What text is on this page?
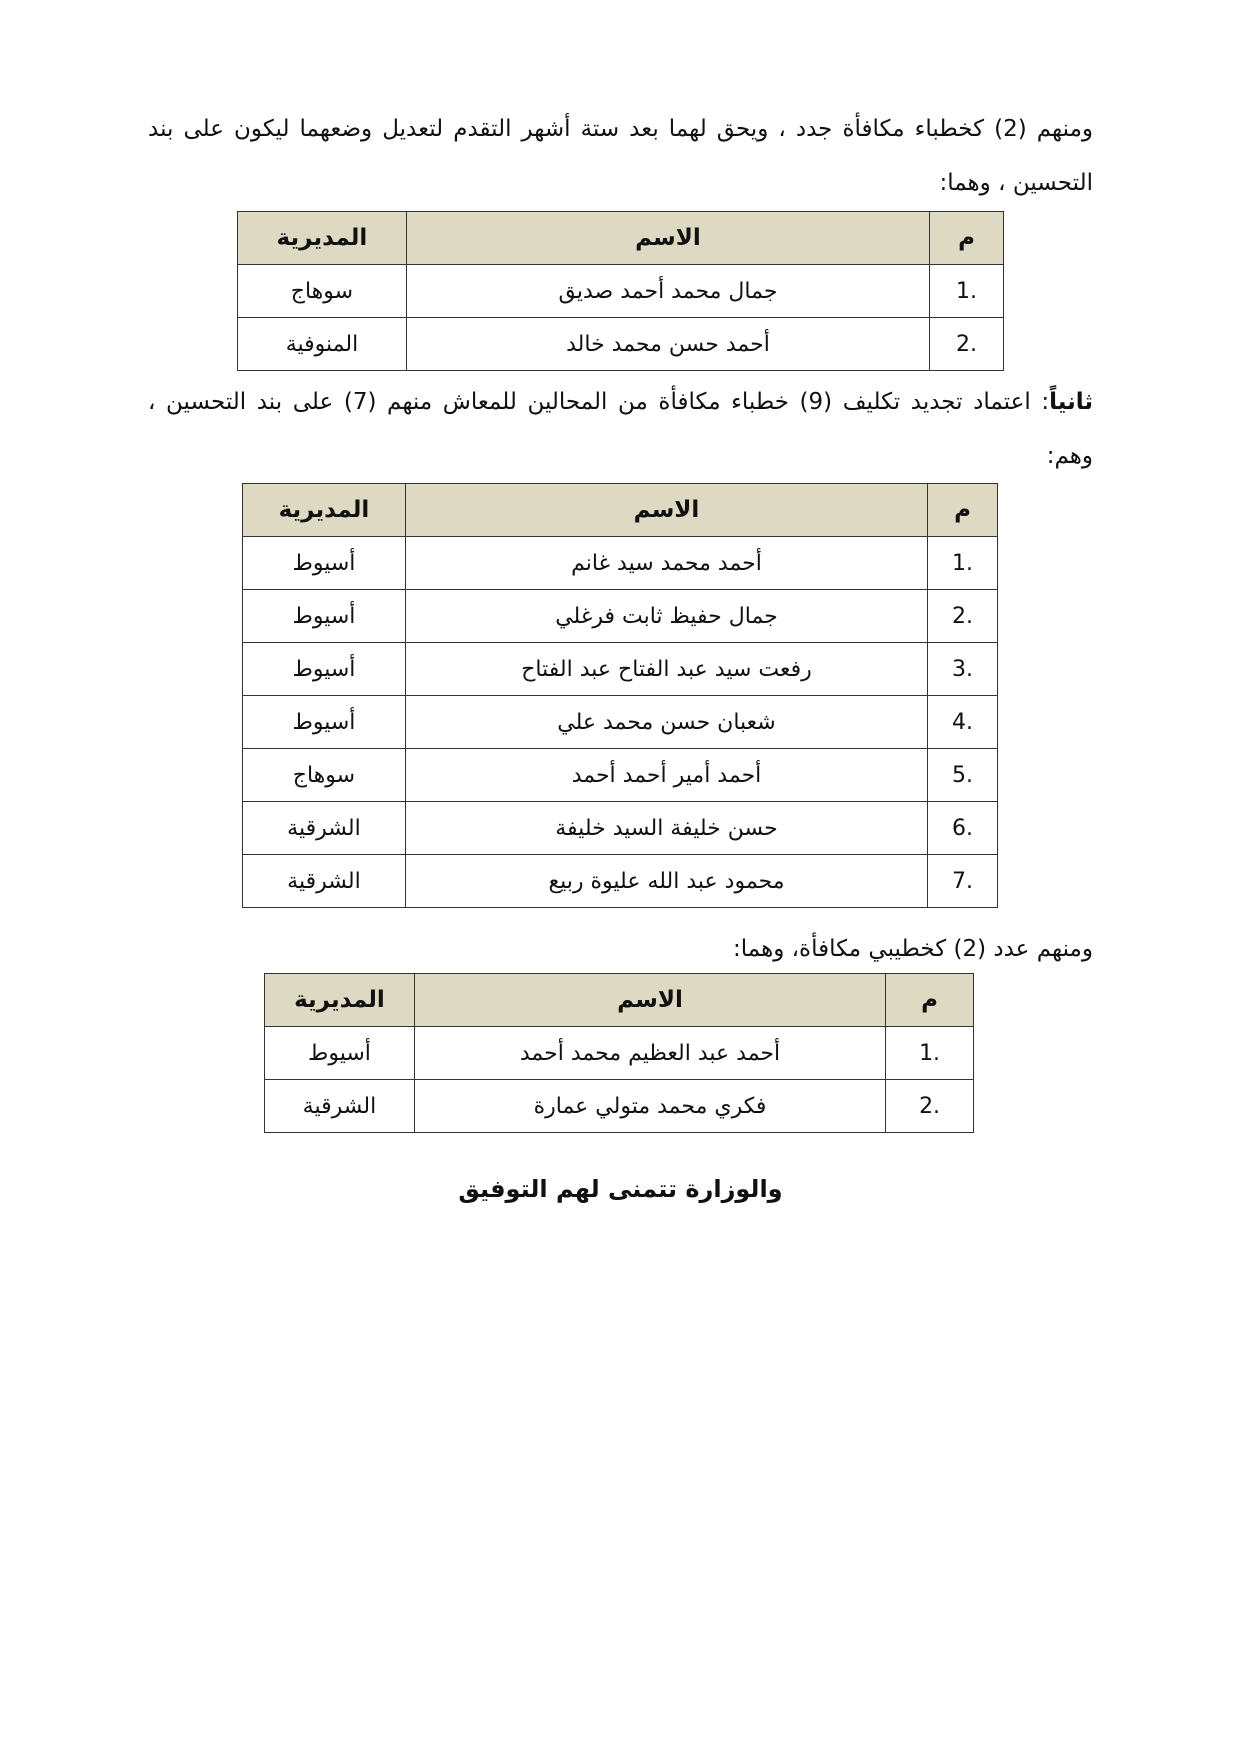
ومنهم (2) كخطباء مكافأة جدد ، ويحق لهما بعد ستة أشهر التقدم لتعديل وضعهما ليكون على بند التحسين ، وهما:
م	الاسم	المديرية
1.	جمال محمد أحمد صديق	سوهاج
2.	أحمد حسن محمد خالد	المنوفية
ثانياً: اعتماد تجديد تكليف (9) خطباء مكافأة من المحالين للمعاش منهم (7) على بند التحسين ، وهم:
م	الاسم	المديرية
1.	أحمد محمد سيد غانم	أسيوط
2.	جمال حفيظ ثابت فرغلي	أسيوط
3.	رفعت سيد عبد الفتاح عبد الفتاح	أسيوط
4.	شعبان حسن محمد علي	أسيوط
5.	أحمد أمير أحمد أحمد	سوهاج
6.	حسن خليفة السيد خليفة	الشرقية
7.	محمود عبد الله عليوة ربيع	الشرقية
ومنهم عدد (2) كخطيبي مكافأة، وهما:
م	الاسم	المديرية
1.	أحمد عبد العظيم محمد أحمد	أسيوط
2.	فكري محمد متولي عمارة	الشرقية
والوزارة تتمنى لهم التوفيق
